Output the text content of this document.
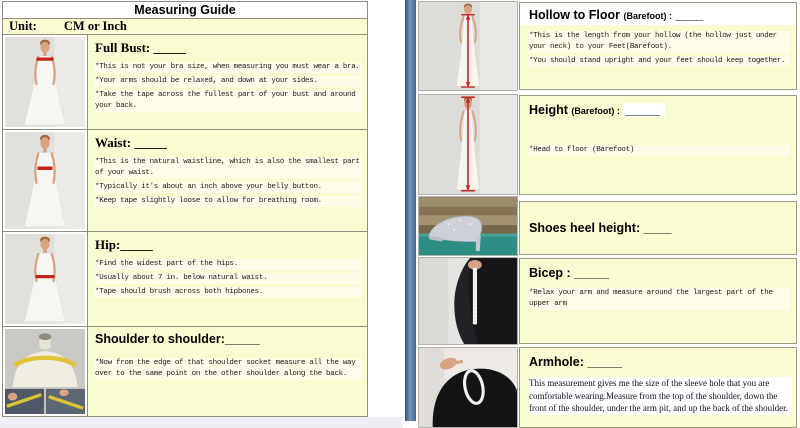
Measuring Guide
Unit: CM or Inch
Full Bust: _____

*This is not your bra size, when measuring you must wear a bra.

*Your arms should be relaxed, and down at your sides.

*Take the tape across the fullest part of your bust and around your back.

Waist: _____

*This is the natural waistline, which is also the smallest part of your waist.

*Typically it's about an inch above your belly button.

*Keep tape slightly loose to allow for breathing room.

Hip:_____

*Find the widest part of the hips.

*Usually about 7 in. below natural waist.

*Tape should brush across both hipbones.

Shoulder to shoulder:_____

*Now from the edge of that shoulder socket measure all the way over to the same point on the other shoulder along the back.

Hollow to Floor (Barefoot) : ____

*This is the length from your hollow (the hollow just under your neck) to your Feet(Barefoot).

*You should stand upright and your feet should keep together.

Height (Barefoot) : _____

*Head to floor (Barefoot)

Shoes heel height: ____
Bicep : _____

*Relax your arm and measure around the largest part of the upper arm

Armhole: _____

This measurement gives me the size of the sleeve hole that you are comfortable wearing.Measure from the top of the shoulder, down the front of the shoulder, under the arm pit, and up the back of the shoulder.
